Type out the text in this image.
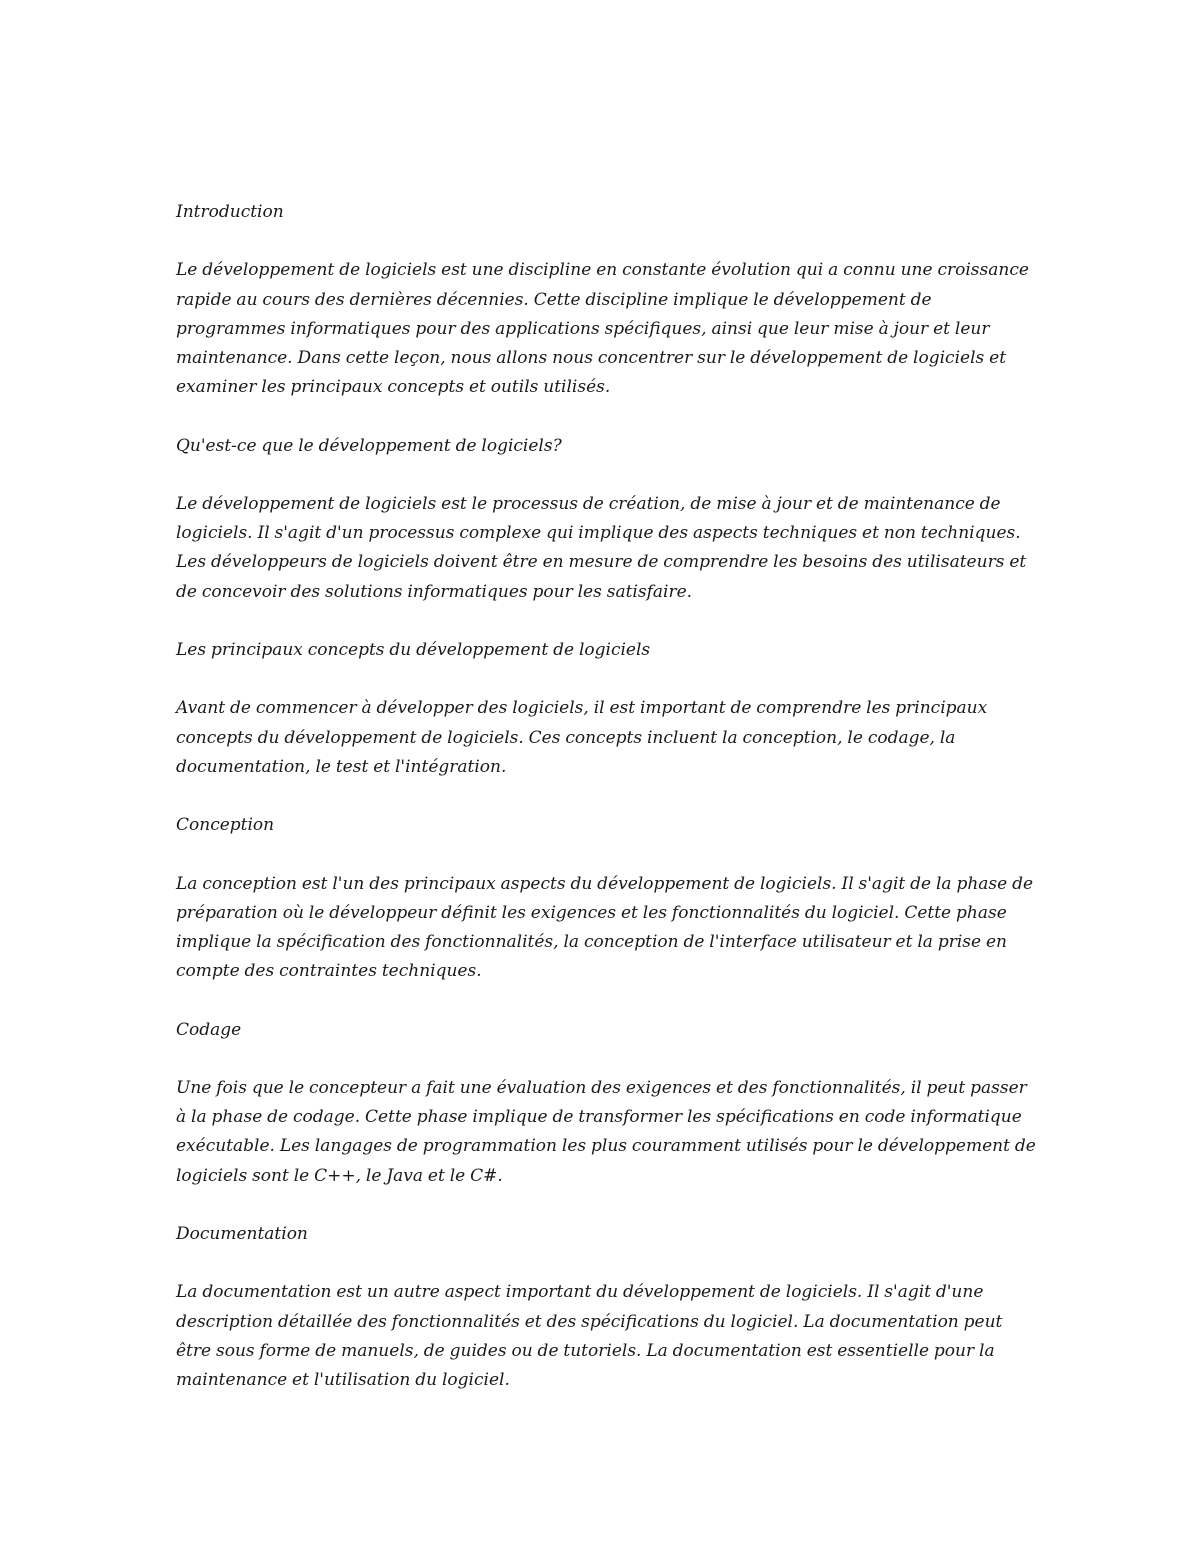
Introduction

Le développement de logiciels est une discipline en constante évolution qui a connu une croissance rapide au cours des dernières décennies. Cette discipline implique le développement de programmes informatiques pour des applications spécifiques, ainsi que leur mise à jour et leur maintenance. Dans cette leçon, nous allons nous concentrer sur le développement de logiciels et examiner les principaux concepts et outils utilisés.

Qu'est-ce que le développement de logiciels?

Le développement de logiciels est le processus de création, de mise à jour et de maintenance de logiciels. Il s'agit d'un processus complexe qui implique des aspects techniques et non techniques. Les développeurs de logiciels doivent être en mesure de comprendre les besoins des utilisateurs et de concevoir des solutions informatiques pour les satisfaire.

Les principaux concepts du développement de logiciels

Avant de commencer à développer des logiciels, il est important de comprendre les principaux concepts du développement de logiciels. Ces concepts incluent la conception, le codage, la documentation, le test et l'intégration.

Conception

La conception est l'un des principaux aspects du développement de logiciels. Il s'agit de la phase de préparation où le développeur définit les exigences et les fonctionnalités du logiciel. Cette phase implique la spécification des fonctionnalités, la conception de l'interface utilisateur et la prise en compte des contraintes techniques.

Codage

Une fois que le concepteur a fait une évaluation des exigences et des fonctionnalités, il peut passer à la phase de codage. Cette phase implique de transformer les spécifications en code informatique exécutable. Les langages de programmation les plus couramment utilisés pour le développement de logiciels sont le C++, le Java et le C#.

Documentation

La documentation est un autre aspect important du développement de logiciels. Il s'agit d'une description détaillée des fonctionnalités et des spécifications du logiciel. La documentation peut être sous forme de manuels, de guides ou de tutoriels. La documentation est essentielle pour la maintenance et l'utilisation du logiciel.
